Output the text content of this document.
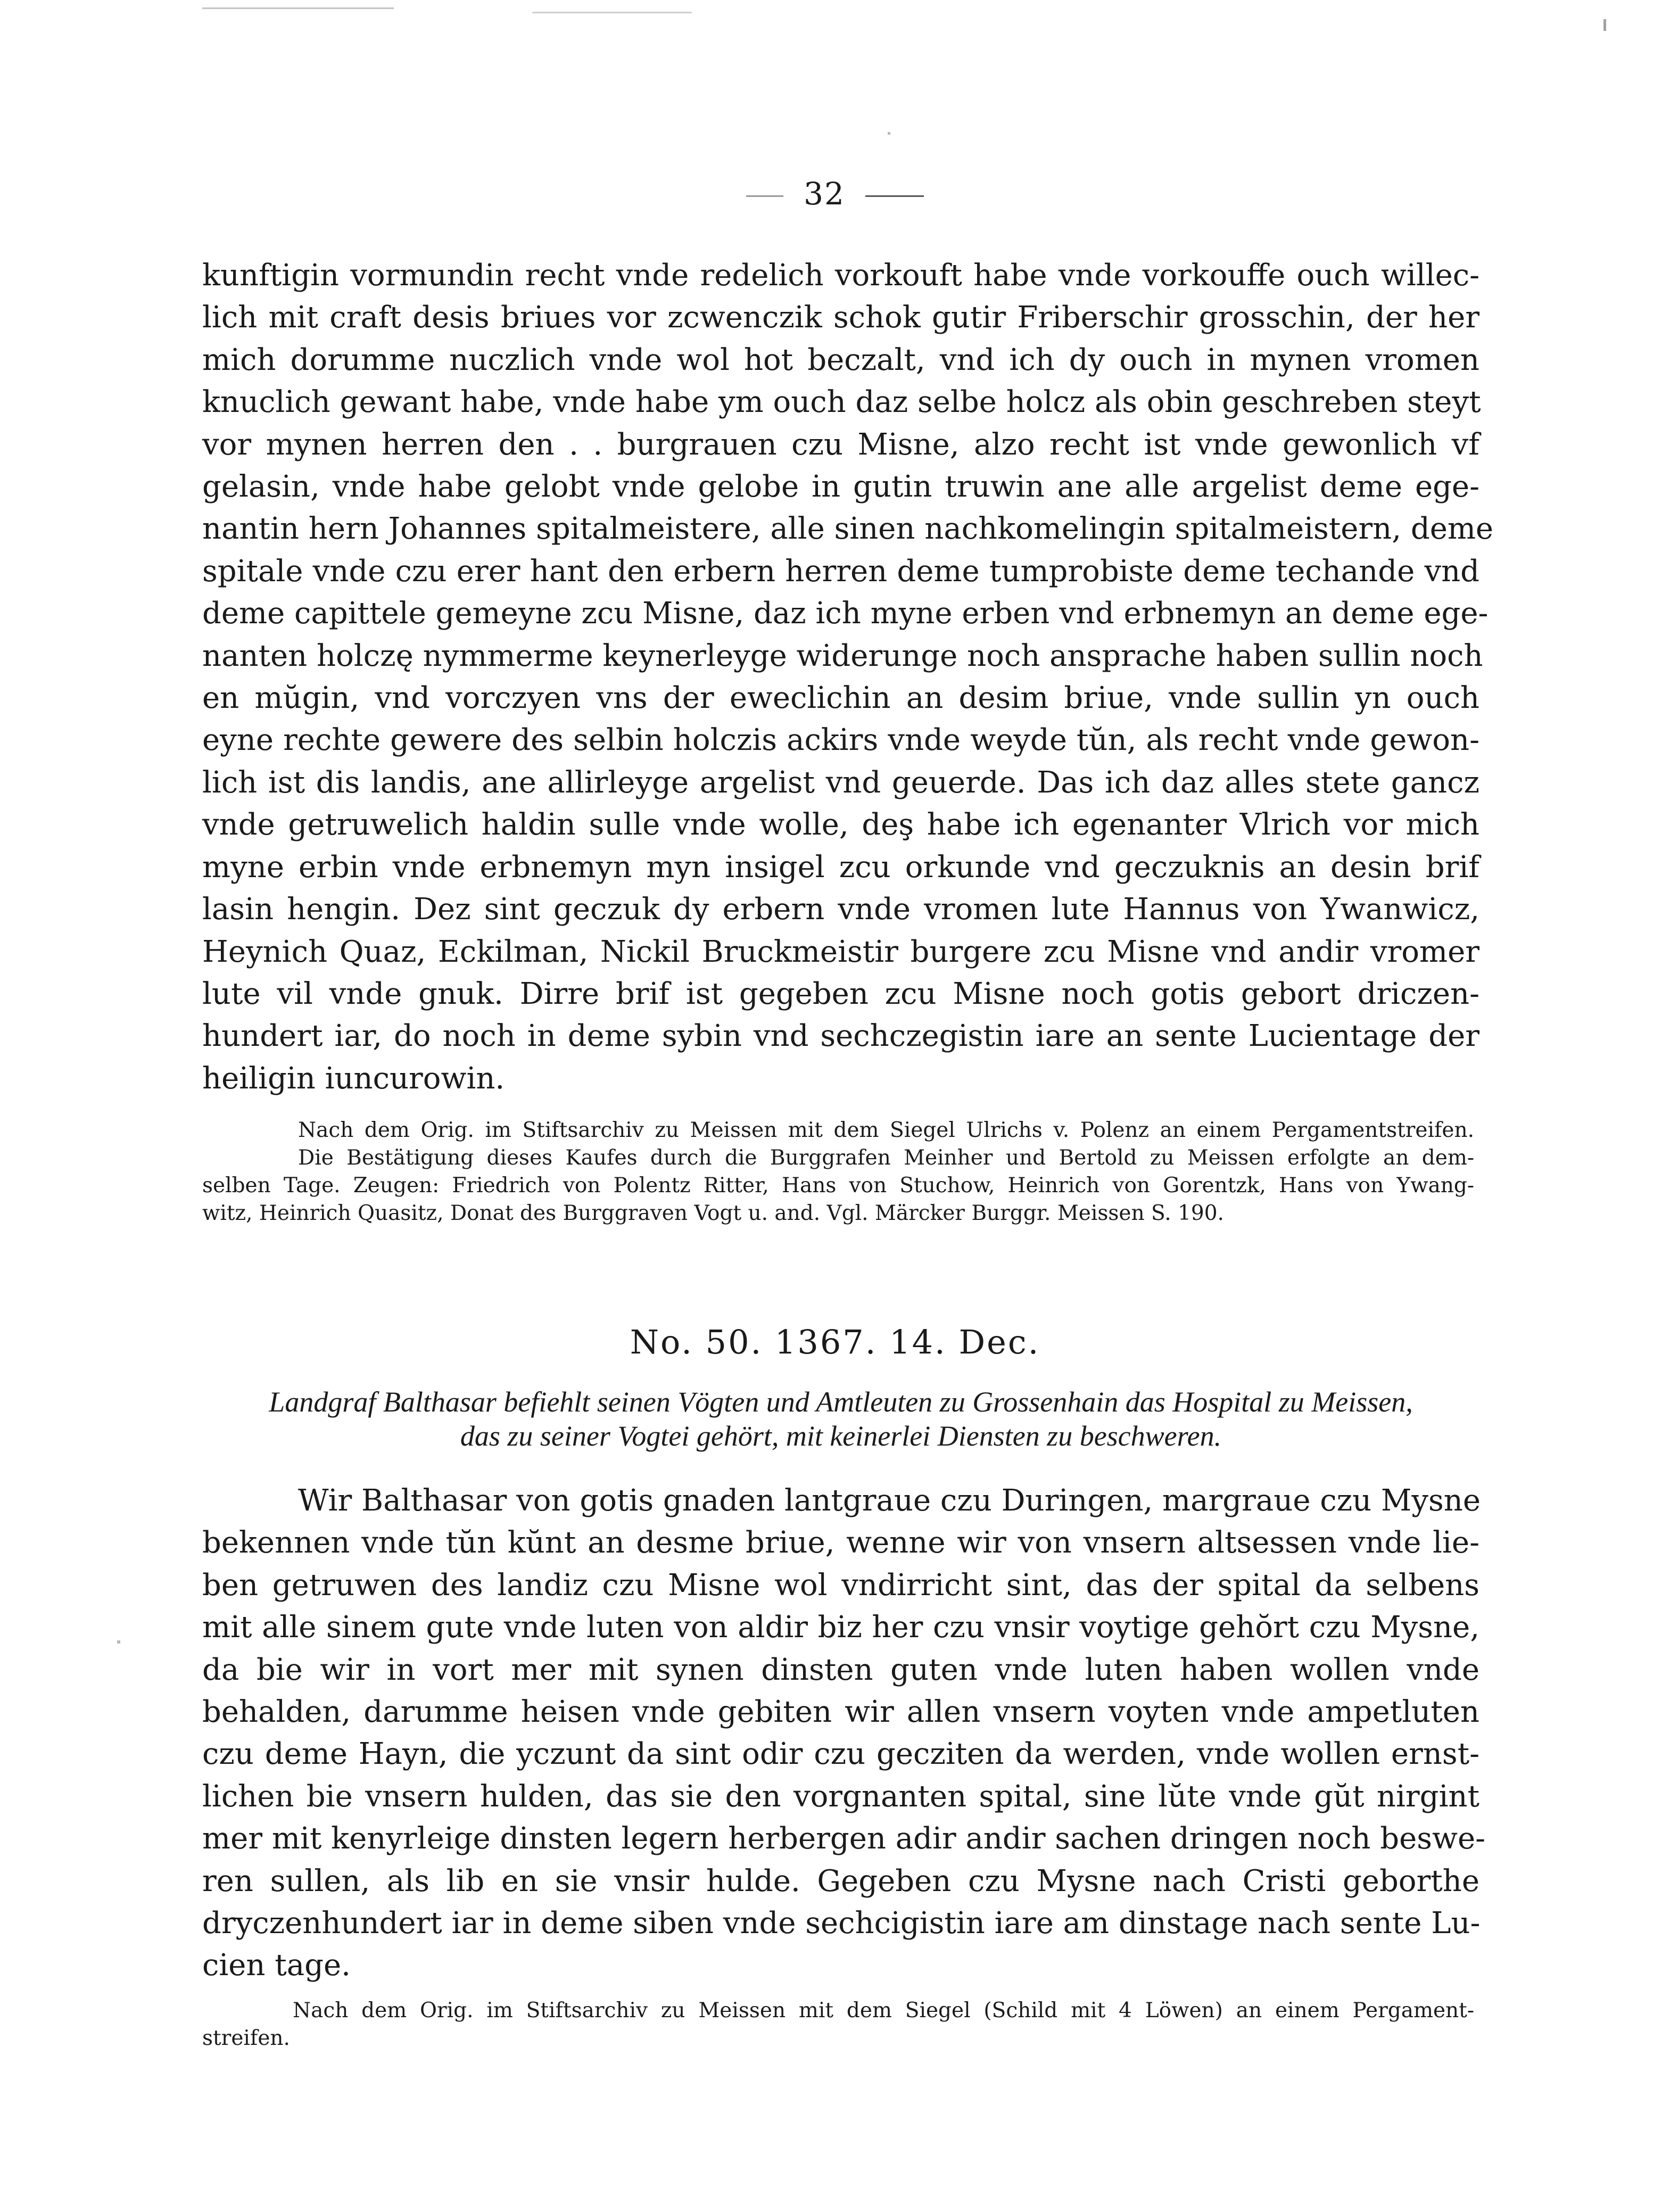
32

kunftigin vormundin recht vnde redelich vorkouft habe vnde vorkouffe ouch willec-
lich mit craft desis briues vor zcwenczik schok gutir Friberschir grosschin, der her
mich dorumme nuczlich vnde wol hot beczalt, vnd ich dy ouch in mynen vromen
knuclich gewant habe, vnde habe ym ouch daz selbe holcz als obin geschreben steyt
vor mynen herren den . . burgrauen czu Misne, alzo recht ist vnde gewonlich vf
gelasin, vnde habe gelobt vnde gelobe in gutin truwin ane alle argelist deme ege-
nantin hern Johannes spitalmeistere, alle sinen nachkomelingin spitalmeistern, deme
spitale vnde czu erer hant den erbern herren deme tumprobiste deme techande vnd
deme capittele gemeyne zcu Misne, daz ich myne erben vnd erbnemyn an deme ege-
nanten holczę nymmerme keynerleyge widerunge noch ansprache haben sullin noch
en mŭgin, vnd vorczyen vns der eweclichin an desim briue, vnde sullin yn ouch
eyne rechte gewere des selbin holczis ackirs vnde weyde tŭn, als recht vnde gewon-
lich ist dis landis, ane allirleyge argelist vnd geuerde. Das ich daz alles stete gancz
vnde getruwelich haldin sulle vnde wolle, deş habe ich egenanter Vlrich vor mich
myne erbin vnde erbnemyn myn insigel zcu orkunde vnd geczuknis an desin brif
lasin hengin. Dez sint geczuk dy erbern vnde vromen lute Hannus von Ywanwicz,
Heynich Quaz, Eckilman, Nickil Bruckmeistir burgere zcu Misne vnd andir vromer
lute vil vnde gnuk. Dirre brif ist gegeben zcu Misne noch gotis gebort driczen-
hundert iar, do noch in deme sybin vnd sechczegistin iare an sente Lucientage der
heiligin iuncurowin.

Nach dem Orig. im Stiftsarchiv zu Meissen mit dem Siegel Ulrichs v. Polenz an einem Pergamentstreifen.
Die Bestätigung dieses Kaufes durch die Burggrafen Meinher und Bertold zu Meissen erfolgte an dem-
selben Tage. Zeugen: Friedrich von Polentz Ritter, Hans von Stuchow, Heinrich von Gorentzk, Hans von Ywang-
witz, Heinrich Quasitz, Donat des Burggraven Vogt u. and. Vgl. Märcker Burggr. Meissen S. 190.
No. 50. 1367. 14. Dec.
Landgraf Balthasar befiehlt seinen Vögten und Amtleuten zu Grossenhain das Hospital zu Meissen,
das zu seiner Vogtei gehört, mit keinerlei Diensten zu beschweren.

Wir Balthasar von gotis gnaden lantgraue czu Duringen, margraue czu Mysne
bekennen vnde tŭn kŭnt an desme briue, wenne wir von vnsern altsessen vnde lie-
ben getruwen des landiz czu Misne wol vndirricht sint, das der spital da selbens
mit alle sinem gute vnde luten von aldir biz her czu vnsir voytige gehŏrt czu Mysne,
da bie wir in vort mer mit synen dinsten guten vnde luten haben wollen vnde
behalden, darumme heisen vnde gebiten wir allen vnsern voyten vnde ampetluten
czu deme Hayn, die yczunt da sint odir czu gecziten da werden, vnde wollen ernst-
lichen bie vnsern hulden, das sie den vorgnanten spital, sine lŭte vnde gŭt nirgint
mer mit kenyrleige dinsten legern herbergen adir andir sachen dringen noch beswe-
ren sullen, als lib en sie vnsir hulde. Gegeben czu Mysne nach Cristi geborthe
dryczenhundert iar in deme siben vnde sechcigistin iare am dinstage nach sente Lu-
cien tage.

Nach dem Orig. im Stiftsarchiv zu Meissen mit dem Siegel (Schild mit 4 Löwen) an einem Pergament-
streifen.
